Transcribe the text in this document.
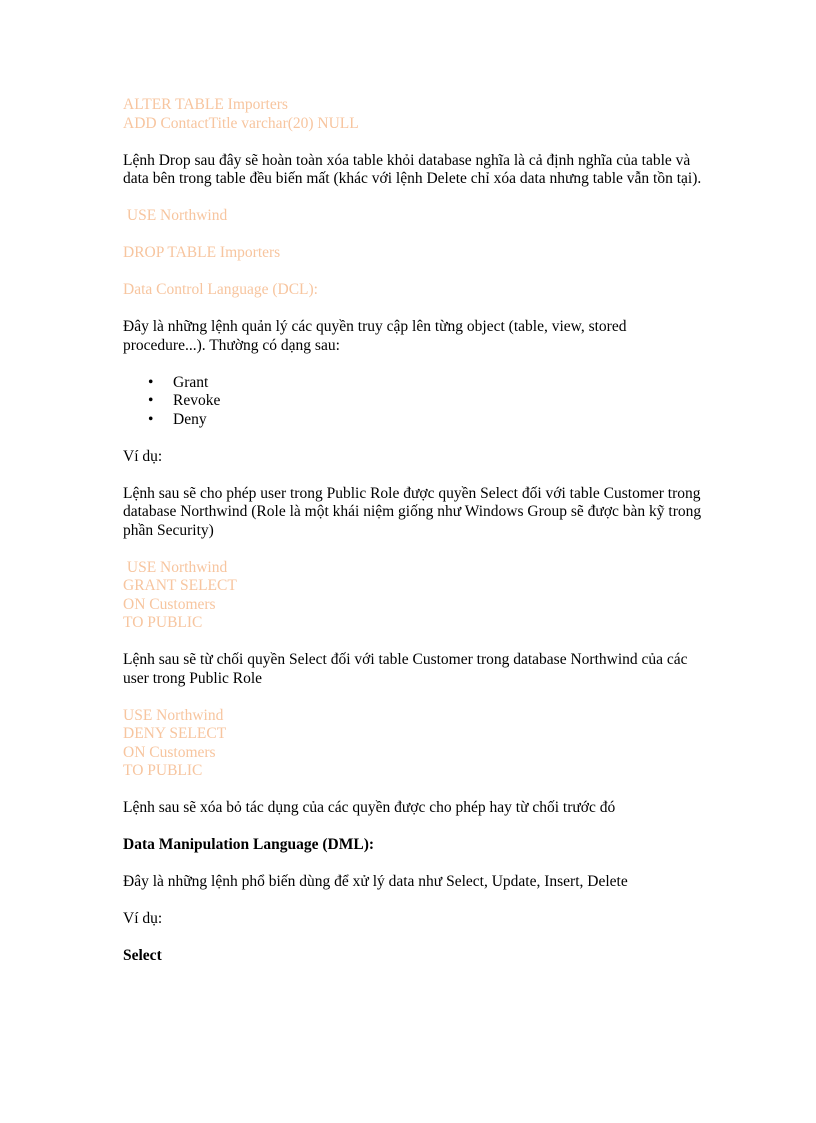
ALTER TABLE Importers
ADD ContactTitle varchar(20) NULL

Lệnh Drop sau đây sẽ hoàn toàn xóa table khỏi database nghĩa là cả định nghĩa của table và data bên trong table đều biến mất (khác với lệnh Delete chỉ xóa data nhưng table vẫn tồn tại).

USE Northwind
DROP TABLE Importers
Data Control Language (DCL):

Đây là những lệnh quản lý các quyền truy cập lên từng object (table, view, stored procedure...). Thường có dạng sau:

• Grant
• Revoke
• Deny

Ví dụ:

Lệnh sau sẽ cho phép user trong Public Role được quyền Select đối với table Customer trong database Northwind (Role là một khái niệm giống như Windows Group sẽ được bàn kỹ trong phần Security)

USE Northwind
GRANT SELECT
ON Customers
TO PUBLIC

Lệnh sau sẽ từ chối quyền Select đối với table Customer trong database Northwind của các user trong Public Role

USE Northwind
DENY SELECT
ON Customers
TO PUBLIC

Lệnh sau sẽ xóa bỏ tác dụng của các quyền được cho phép hay từ chối trước đó

Data Manipulation Language (DML):

Đây là những lệnh phổ biến dùng để xử lý data như Select, Update, Insert, Delete

Ví dụ:

Select
